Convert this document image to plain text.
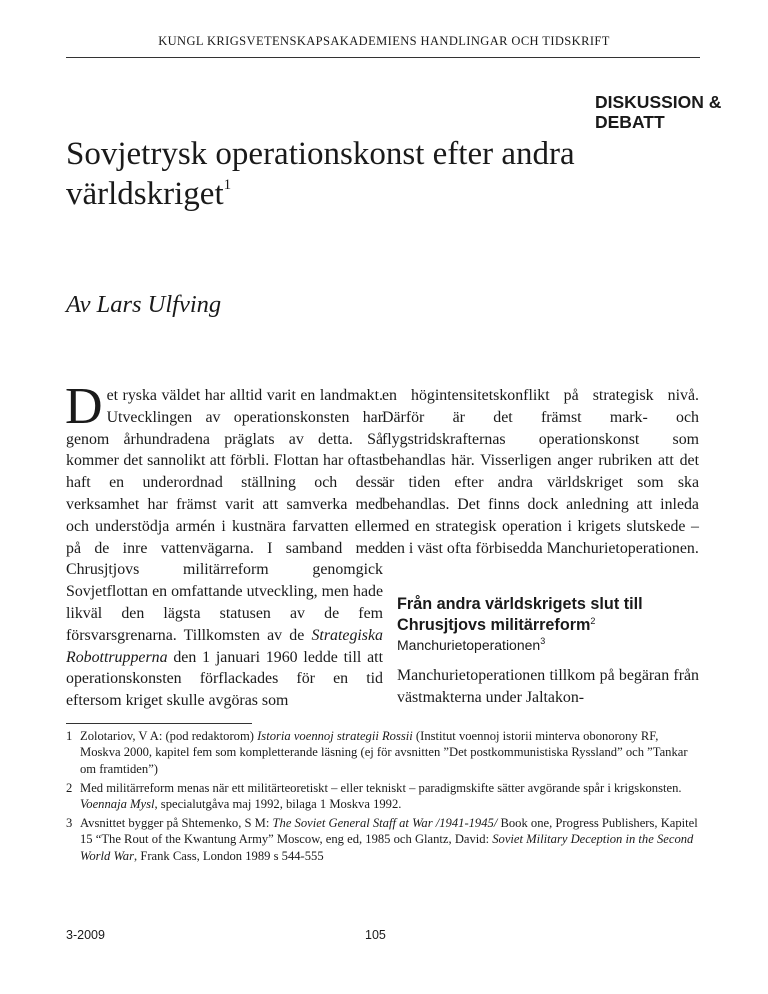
KUNGL KRIGSVETENSKAPSAKADEMIENS HANDLINGAR OCH TIDSKRIFT
DISKUSSION & DEBATT
Sovjetrysk operationskonst efter andra världskriget$^1$
Av Lars Ulfving
Det ryska väldet har alltid varit en landmakt. Utvecklingen av operationskonsten har genom århundradena präglats av detta. Så kommer det sannolikt att förbli. Flottan har oftast haft en underordnad ställning och dess verksamhet har främst varit att samverka med och understödja armén i kustnära farvatten eller på de inre vattenvägarna. I samband med Chrusjtjovs militärreform genomgick Sovjetflottan en omfattande utveckling, men hade likväl den lägsta statusen av de fem försvarsgrenarna. Tillkomsten av de Strategiska Robottrupperna den 1 januari 1960 ledde till att operationskonsten förflackades för en tid eftersom kriget skulle avgöras som
en högintensitetskonflikt på strategisk nivå. Därför är det främst mark- och flygstridskrafternas operationskonst som behandlas här. Visserligen anger rubriken att det är tiden efter andra världskriget som ska behandlas. Det finns dock anledning att inleda med en strategisk operation i krigets slutskede – den i väst ofta förbisedda Manchurietoperationen.
Från andra världskrigets slut till Chrusjtjovs militärreform$^2$
Manchurietoperationen$^3$
Manchurietoperationen tillkom på begäran från västmakterna under Jaltakon-
1 Zolotariov, V A: (pod redaktorom) Istoria voennoj strategii Rossii (Institut voennoj istorii minterva obonorony RF, Moskva 2000, kapitel fem som kompletterande läsning (ej för avsnitten ”Det postkommunistiska Ryssland” och ”Tankar om framtiden”)
2 Med militärreform menas när ett militärteoretiskt – eller tekniskt – paradigmskifte sätter avgörande spår i krigskonsten. Voennaja Mysl, specialutgåva maj 1992, bilaga 1 Moskva 1992.
3 Avsnittet bygger på Shtemenko, S M: The Soviet General Staff at War /1941-1945/ Book one, Progress Publishers, Kapitel 15 “The Rout of the Kwantung Army” Moscow, eng ed, 1985 och Glantz, David: Soviet Military Deception in the Second World War, Frank Cass, London 1989 s 544-555
3-2009	105
